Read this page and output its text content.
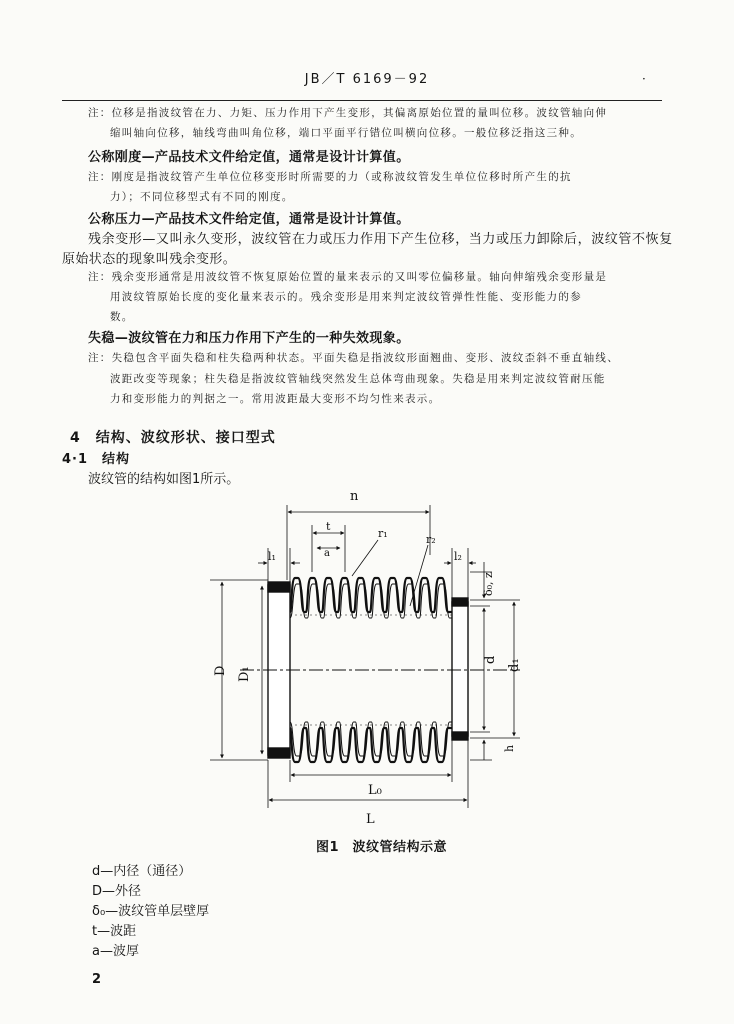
JB／T 6169－92	·
注：位移是指波纹管在力、力矩、压力作用下产生变形，其偏离原始位置的量叫位移。波纹管轴向伸
缩叫轴向位移，轴线弯曲叫角位移，端口平面平行错位叫横向位移。一般位移泛指这三种。
公称刚度—产品技术文件给定值，通常是设计计算值。
注：刚度是指波纹管产生单位位移变形时所需要的力（或称波纹管发生单位位移时所产生的抗
力）；不同位移型式有不同的刚度。
公称压力—产品技术文件给定值，通常是设计计算值。
残余变形—又叫永久变形，波纹管在力或压力作用下产生位移，当力或压力卸除后，波纹管不恢复
原始状态的现象叫残余变形。
注：残余变形通常是用波纹管不恢复原始位置的量来表示的又叫零位偏移量。轴向伸缩残余变形量是
用波纹管原始长度的变化量来表示的。残余变形是用来判定波纹管弹性性能、变形能力的参
数。
失稳—波纹管在力和压力作用下产生的一种失效现象。
注：失稳包含平面失稳和柱失稳两种状态。平面失稳是指波纹形面翘曲、变形、波纹歪斜不垂直轴线、
波距改变等现象；柱失稳是指波纹管轴线突然发生总体弯曲现象。失稳是用来判定波纹管耐压能
力和变形能力的判据之一。常用波距最大变形不均匀性来表示。
4　结构、波纹形状、接口型式
4·1　结构
波纹管的结构如图1所示。
n
t
a
r₁	r₂
l₁	l₂
δ₀, z
D D₁
d d₁
h
L₀
L
图1　波纹管结构示意
d—内径（通径）
D—外径
δ₀—波纹管单层壁厚
t—波距
a—波厚
2
